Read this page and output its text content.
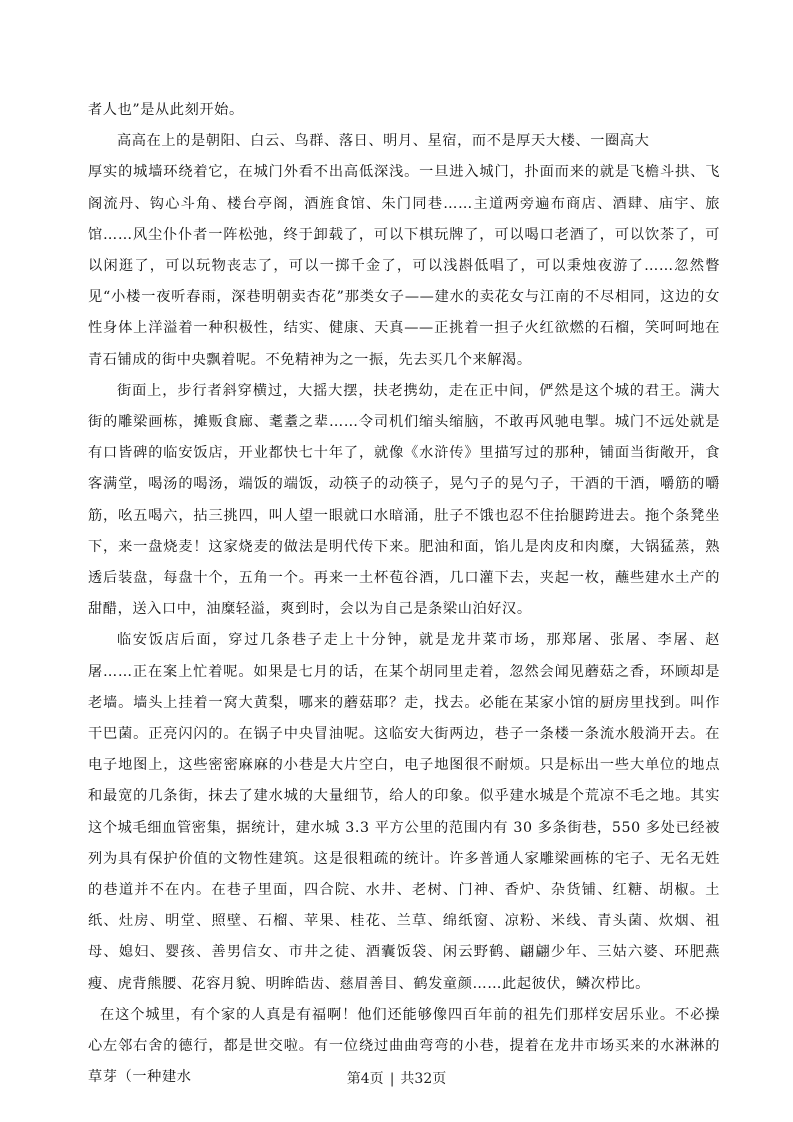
者人也”是从此刻开始。

高高在上的是朝阳、白云、鸟群、落日、明月、星宿，而不是厚天大楼、一圈高大

厚实的城墙环绕着它，在城门外看不出高低深浅。一旦进入城门，扑面而来的就是飞檐斗拱、飞阁流丹、钩心斗角、楼台亭阁，酒旌食馆、朱门同巷……主道两旁遍布商店、酒肆、庙宇、旅馆……风尘仆仆者一阵松弛，终于卸载了，可以下棋玩牌了，可以喝口老酒了，可以饮茶了，可以闲逛了，可以玩物丧志了，可以一掷千金了，可以浅斟低唱了，可以秉烛夜游了……忽然瞥见“小楼一夜听春雨，深巷明朝卖杏花”那类女子——建水的卖花女与江南的不尽相同，这边的女性身体上洋溢着一种积极性，结实、健康、天真——正挑着一担子火红欲燃的石榴，笑呵呵地在青石铺成的街中央飘着呢。不免精神为之一振，先去买几个来解渴。

街面上，步行者斜穿横过，大摇大摆，扶老携幼，走在正中间，俨然是这个城的君王。满大街的雕梁画栋，摊贩食廊、耄耋之辈……令司机们缩头缩脑，不敢再风驰电掣。城门不远处就是有口皆碑的临安饭店，开业都快七十年了，就像《水浒传》里描写过的那种，铺面当街敞开，食客满堂，喝汤的喝汤，端饭的端饭，动筷子的动筷子，晃勺子的晃勺子，干酒的干酒，嚼筋的嚼筋，吆五喝六，拈三挑四，叫人望一眼就口水暗涌，肚子不饿也忍不住抬腿跨进去。拖个条凳坐下，来一盘烧麦！这家烧麦的做法是明代传下来。肥油和面，馅儿是肉皮和肉糜，大锅猛蒸，熟透后装盘，每盘十个，五角一个。再来一土杯苞谷酒，几口灌下去，夹起一枚，蘸些建水土产的甜醋，送入口中，油糜轻溢，爽到时，会以为自己是条梁山泊好汉。

临安饭店后面，穿过几条巷子走上十分钟，就是龙井菜市场，那郑屠、张屠、李屠、赵屠……正在案上忙着呢。如果是七月的话，在某个胡同里走着，忽然会闻见蘑菇之香，环顾却是老墙。墙头上挂着一窝大黄梨，哪来的蘑菇耶？走，找去。必能在某家小馆的厨房里找到。叫作干巴菌。正亮闪闪的。在锅子中央冒油呢。这临安大街两边，巷子一条楼一条流水般淌开去。在电子地图上，这些密密麻麻的小巷是大片空白，电子地图很不耐烦。只是标出一些大单位的地点和最宽的几条街，抹去了建水城的大量细节，给人的印象。似乎建水城是个荒凉不毛之地。其实这个城毛细血管密集，据统计，建水城 3.3 平方公里的范围内有 30 多条街巷，550 多处已经被列为具有保护价值的文物性建筑。这是很粗疏的统计。许多普通人家雕梁画栋的宅子、无名无姓的巷道并不在内。在巷子里面，四合院、水井、老树、门神、香炉、杂货铺、红糖、胡椒。土纸、灶房、明堂、照壁、石榴、苹果、桂花、兰草、绵纸窗、凉粉、米线、青头菌、炊烟、祖母、媳妇、婴孩、善男信女、市井之徒、酒囊饭袋、闲云野鹤、翩翩少年、三姑六婆、环肥燕瘦、虎背熊腰、花容月貌、明眸皓齿、慈眉善目、鹤发童颜……此起彼伏，鳞次栉比。

在这个城里，有个家的人真是有福啊！他们还能够像四百年前的祖先们那样安居乐业。不必操心左邻右舍的德行，都是世交啦。有一位绕过曲曲弯弯的小巷，提着在龙井市场买来的水淋淋的草芽（一种建水	第4页 | 共32页
